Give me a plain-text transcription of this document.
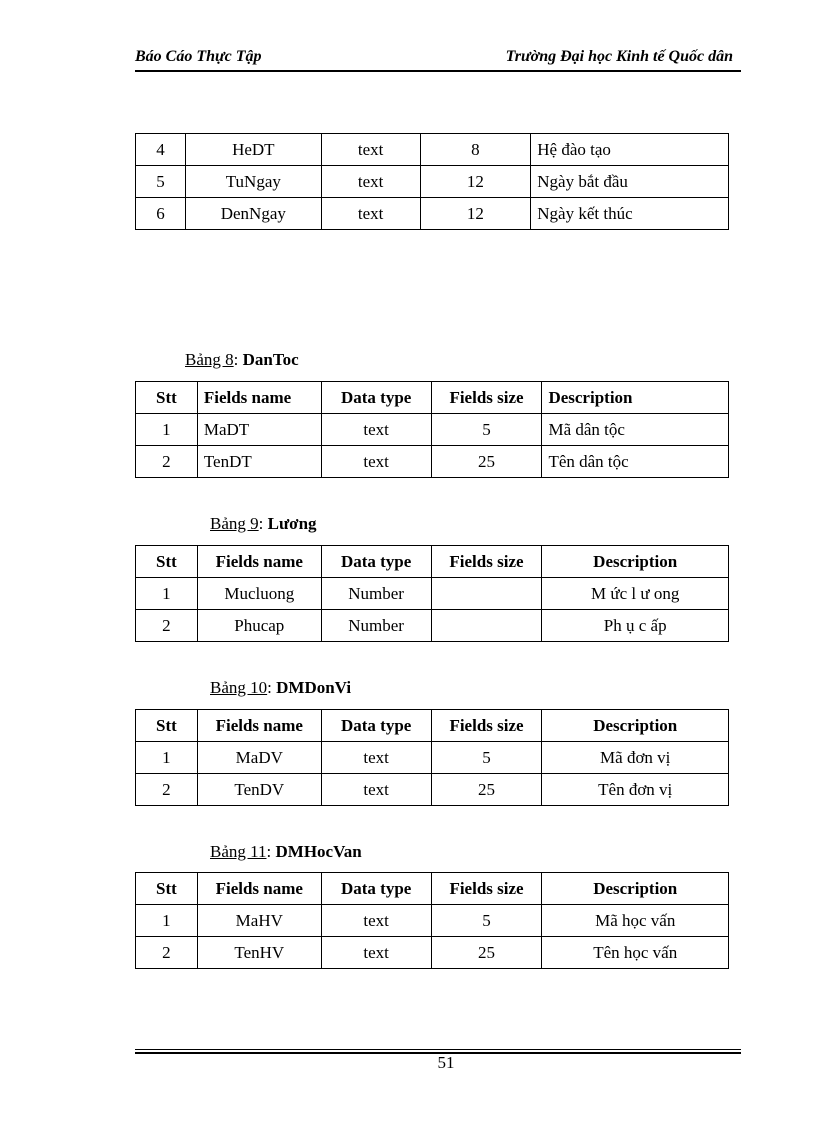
Báo Cáo Thực Tập	Trường Đại học Kinh tế Quốc dân
4	HeDT	text	8	Hệ đào tạo
5	TuNgay	text	12	Ngày bắt đầu
6	DenNgay	text	12	Ngày kết thúc
Bảng 8: DanToc
Stt	Fields name	Data type	Fields size	Description
1	MaDT	text	5	Mã dân tộc
2	TenDT	text	25	Tên dân tộc
Bảng 9: Lương
Stt	Fields name	Data type	Fields size	Description
1	Mucluong	Number		M ức l ư ong
2	Phucap	Number		Ph ụ c ấp
Bảng 10: DMDonVi
Stt	Fields name	Data type	Fields size	Description
1	MaDV	text	5	Mã đơn vị
2	TenDV	text	25	Tên đơn vị
Bảng 11: DMHocVan
Stt	Fields name	Data type	Fields size	Description
1	MaHV	text	5	Mã học vấn
2	TenHV	text	25	Tên học vấn
51
